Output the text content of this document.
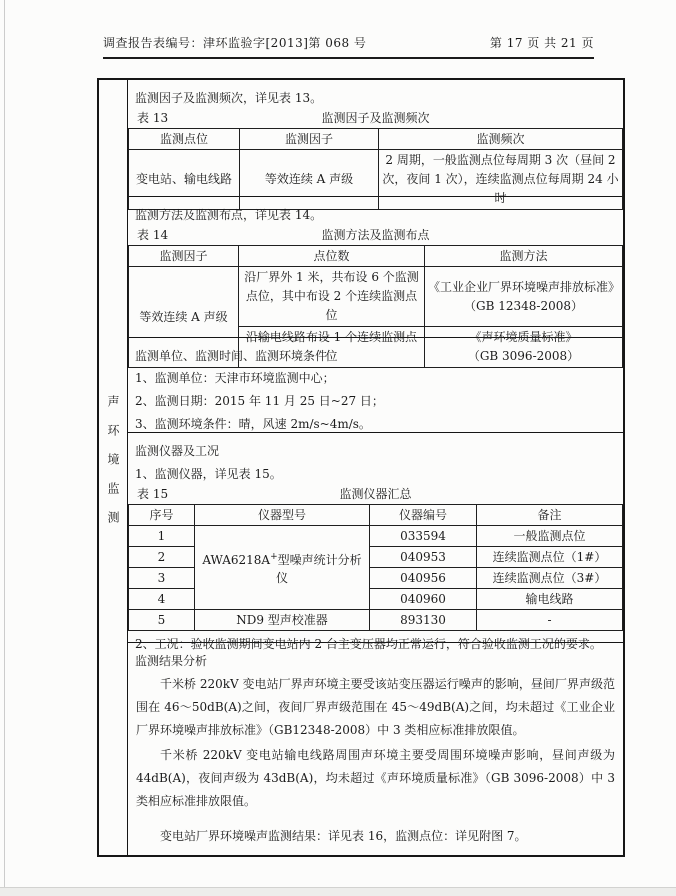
调查报告表编号：津环监验字[2013]第 068 号	第 17 页 共 21 页
声环境监测
监测因子及监测频次，详见表 13。
表 13	监测因子及监测频次
监测点位	监测因子	监测频次
变电站、输电线路	等效连续 A 声级	2 周期，一般监测点位每周期 3 次（昼间 2 次，夜间 1 次），连续监测点位每周期 24 小时
监测方法及监测布点，详见表 14。
表 14	监测方法及监测布点
监测因子	点位数	监测方法
等效连续 A 声级	沿厂界外 1 米，共布设 6 个监测点位，其中布设 2 个连续监测点位	《工业企业厂界环境噪声排放标准》
（GB 12348-2008）

	沿输电线路布设 1 个连续监测点位	《声环境质量标准》
（GB 3096-2008）
监测单位、监测时间、监测环境条件
1、监测单位：天津市环境监测中心；
2、监测日期：2015 年 11 月 25 日~27 日；
3、监测环境条件：晴，风速 2m/s~4m/s。
监测仪器及工况
1、监测仪器，详见表 15。
表 15	监测仪器汇总
序号	仪器型号	仪器编号	备注
1	AWA6218A+型噪声统计分析仪	033594	一般监测点位
2		040953	连续监测点位（1#）
3		040956	连续监测点位（3#）
4		040960	输电线路
5	ND9 型声校准器	893130	-
2、工况：验收监测期间变电站内 2 台主变压器均正常运行，符合验收监测工况的要求。
监测结果分析

千米桥 220kV 变电站厂界声环境主要受该站变压器运行噪声的影响，昼间厂界声级范围在 46～50dB(A)之间，夜间厂界声级范围在 45～49dB(A)之间，均未超过《工业企业厂界环境噪声排放标准》（GB12348-2008）中 3 类相应标准排放限值。

千米桥 220kV 变电站输电线路周围声环境主要受周围环境噪声影响，昼间声级为 44dB(A)，夜间声级为 43dB(A)，均未超过《声环境质量标准》（GB 3096-2008）中 3 类相应标准排放限值。

变电站厂界环境噪声监测结果：详见表 16，监测点位：详见附图 7。
